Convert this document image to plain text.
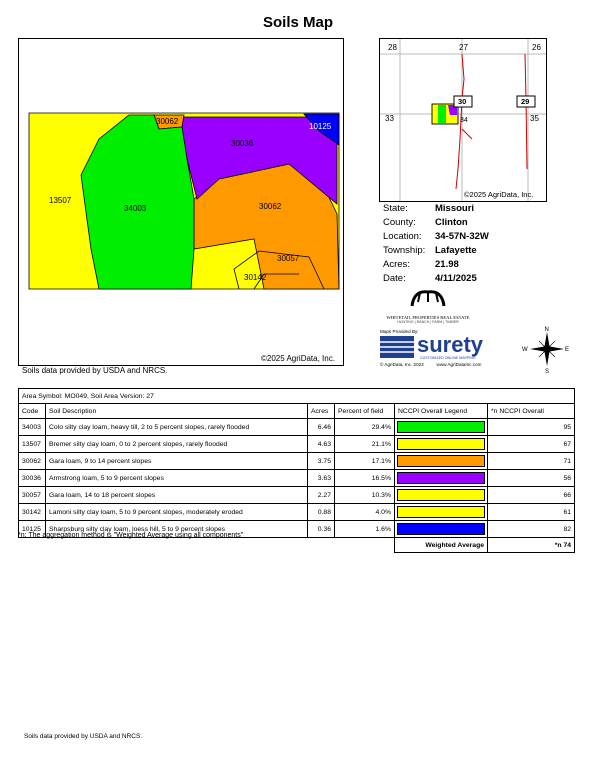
Soils Map
30062
10125
30036
13507
34003	30062
30057
30142
©2025 AgriData, Inc.
Soils data provided by USDA and NRCS.
28	27	26
33	35
30	29
34
©2025 AgriData, Inc.
State:	Missouri
County: Clinton
Location: 34-57N-32W
Township: Lafayette
Acres:	21.98
Date:	4/11/2025
WHITETAIL PROPERTIES REAL ESTATE
HUNTING | RANCH | FARM | TIMBER
Maps Provided By:
surety
CUSTOMIZED ONLINE MAPPING
© AgriData, Inc. 2023          www.AgriDataInc.com
N
E
S
W
Area Symbol: MO049, Soil Area Version: 27					
Code	Soil Description	Acres	Percent of field	NCCPI Overall Legend	*n NCCPI Overall
34003	Colo silty clay loam, heavy till, 2 to 5 percent slopes, rarely flooded	6.46	29.4%		95
13507	Bremer silty clay loam, 0 to 2 percent slopes, rarely flooded	4.63	21.1%		67
30062	Gara loam, 9 to 14 percent slopes	3.75	17.1%		71
30036	Armstrong loam, 5 to 9 percent slopes	3.63	16.5%		56
30057	Gara loam, 14 to 18 percent slopes	2.27	10.3%		66
30142	Lamoni silty clay loam, 5 to 9 percent slopes, moderately eroded	0.88	4.0%		61
10125	Sharpsburg silty clay loam, loess hill, 5 to 9 percent slopes	0.36	1.6%		82
				Weighted Average	*n 74
*n: The aggregation method is "Weighted Average using all components"
Soils data provided by USDA and NRCS.
